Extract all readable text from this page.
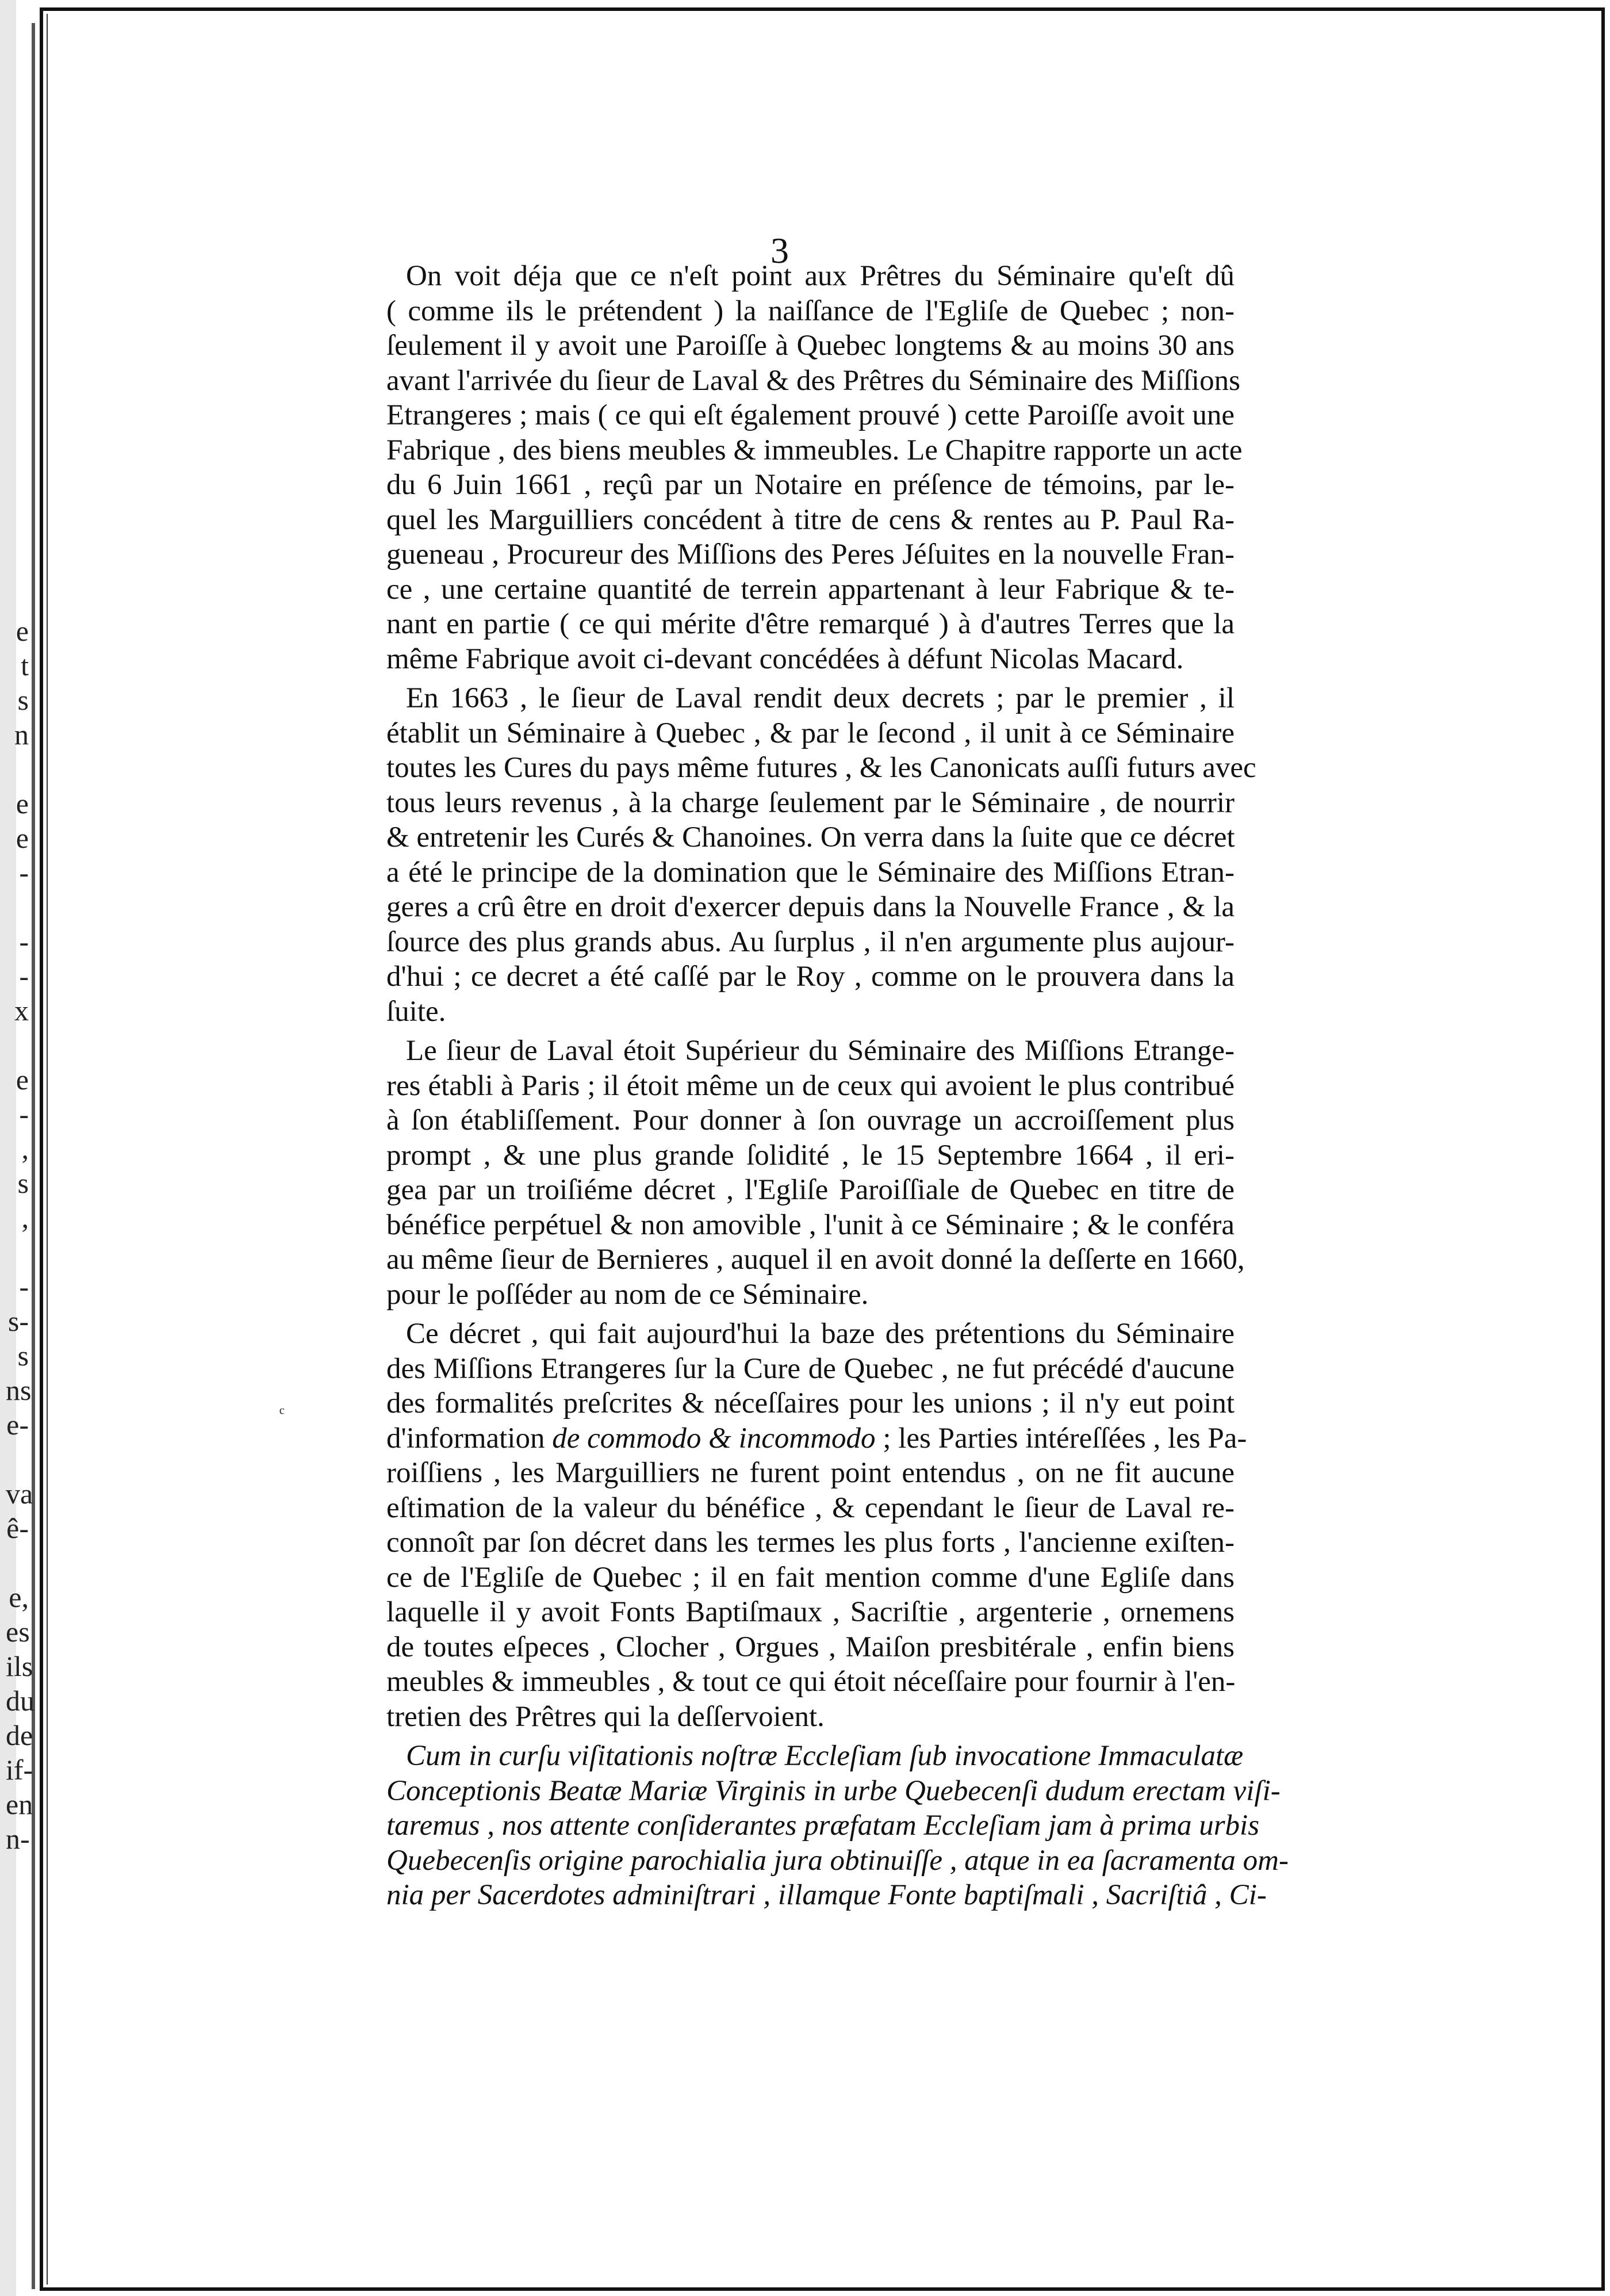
ᶜ
e
t
s
n
e
e
-
-
-
x
e
-
,
s
,
-
s-
s
ns
e-
va
ê-
e,
es
ils
du
de
if-
en
n-
3
On voit déja que ce n'eſt point aux Prêtres du Séminaire qu'eſt dû
( comme ils le prétendent ) la naiſſance de l'Egliſe de Quebec ; non-
ſeulement il y avoit une Paroiſſe à Quebec longtems & au moins 30 ans
avant l'arrivée du ſieur de Laval & des Prêtres du Séminaire des Miſſions
Etrangeres ; mais ( ce qui eſt également prouvé ) cette Paroiſſe avoit une
Fabrique , des biens meubles & immeubles. Le Chapitre rapporte un acte
du 6 Juin 1661 , reçû par un Notaire en préſence de témoins, par le-
quel les Marguilliers concédent à titre de cens & rentes au P. Paul Ra-
gueneau , Procureur des Miſſions des Peres Jéſuites en la nouvelle Fran-
ce , une certaine quantité de terrein appartenant à leur Fabrique & te-
nant en partie ( ce qui mérite d'être remarqué ) à d'autres Terres que la
même Fabrique avoit ci-devant concédées à défunt Nicolas Macard.
En 1663 , le ſieur de Laval rendit deux decrets ; par le premier , il
établit un Séminaire à Quebec , & par le ſecond , il unit à ce Séminaire
toutes les Cures du pays même futures , & les Canonicats auſſi futurs avec
tous leurs revenus , à la charge ſeulement par le Séminaire , de nourrir
& entretenir les Curés & Chanoines. On verra dans la ſuite que ce décret
a été le principe de la domination que le Séminaire des Miſſions Etran-
geres a crû être en droit d'exercer depuis dans la Nouvelle France , & la
ſource des plus grands abus. Au ſurplus , il n'en argumente plus aujour-
d'hui ; ce decret a été caſſé par le Roy , comme on le prouvera dans la
ſuite.
Le ſieur de Laval étoit Supérieur du Séminaire des Miſſions Etrange-
res établi à Paris ; il étoit même un de ceux qui avoient le plus contribué
à ſon établiſſement. Pour donner à ſon ouvrage un accroiſſement plus
prompt , & une plus grande ſolidité , le 15 Septembre 1664 , il eri-
gea par un troiſiéme décret , l'Egliſe Paroiſſiale de Quebec en titre de
bénéfice perpétuel & non amovible , l'unit à ce Séminaire ; & le conféra
au même ſieur de Bernieres , auquel il en avoit donné la deſſerte en 1660,
pour le poſſéder au nom de ce Séminaire.
Ce décret , qui fait aujourd'hui la baze des prétentions du Séminaire
des Miſſions Etrangeres ſur la Cure de Quebec , ne fut précédé d'aucune
des formalités preſcrites & néceſſaires pour les unions ; il n'y eut point
d'information de commodo & incommodo ; les Parties intéreſſées , les Pa-
roiſſiens , les Marguilliers ne furent point entendus , on ne fit aucune
eſtimation de la valeur du bénéfice , & cependant le ſieur de Laval re-
connoît par ſon décret dans les termes les plus forts , l'ancienne exiſten-
ce de l'Egliſe de Quebec ; il en fait mention comme d'une Egliſe dans
laquelle il y avoit Fonts Baptiſmaux , Sacriſtie , argenterie , ornemens
de toutes eſpeces , Clocher , Orgues , Maiſon presbitérale , enfin biens
meubles & immeubles , & tout ce qui étoit néceſſaire pour fournir à l'en-
tretien des Prêtres qui la deſſervoient.
Cum in curſu viſitationis noſtræ Eccleſiam ſub invocatione Immaculatæ
Conceptionis Beatæ Mariæ Virginis in urbe Quebecenſi dudum erectam viſi-
taremus , nos attente conſiderantes præfatam Eccleſiam jam à prima urbis
Quebecenſis origine parochialia jura obtinuiſſe , atque in ea ſacramenta om-
nia per Sacerdotes adminiſtrari , illamque Fonte baptiſmali , Sacriſtiâ , Ci-
